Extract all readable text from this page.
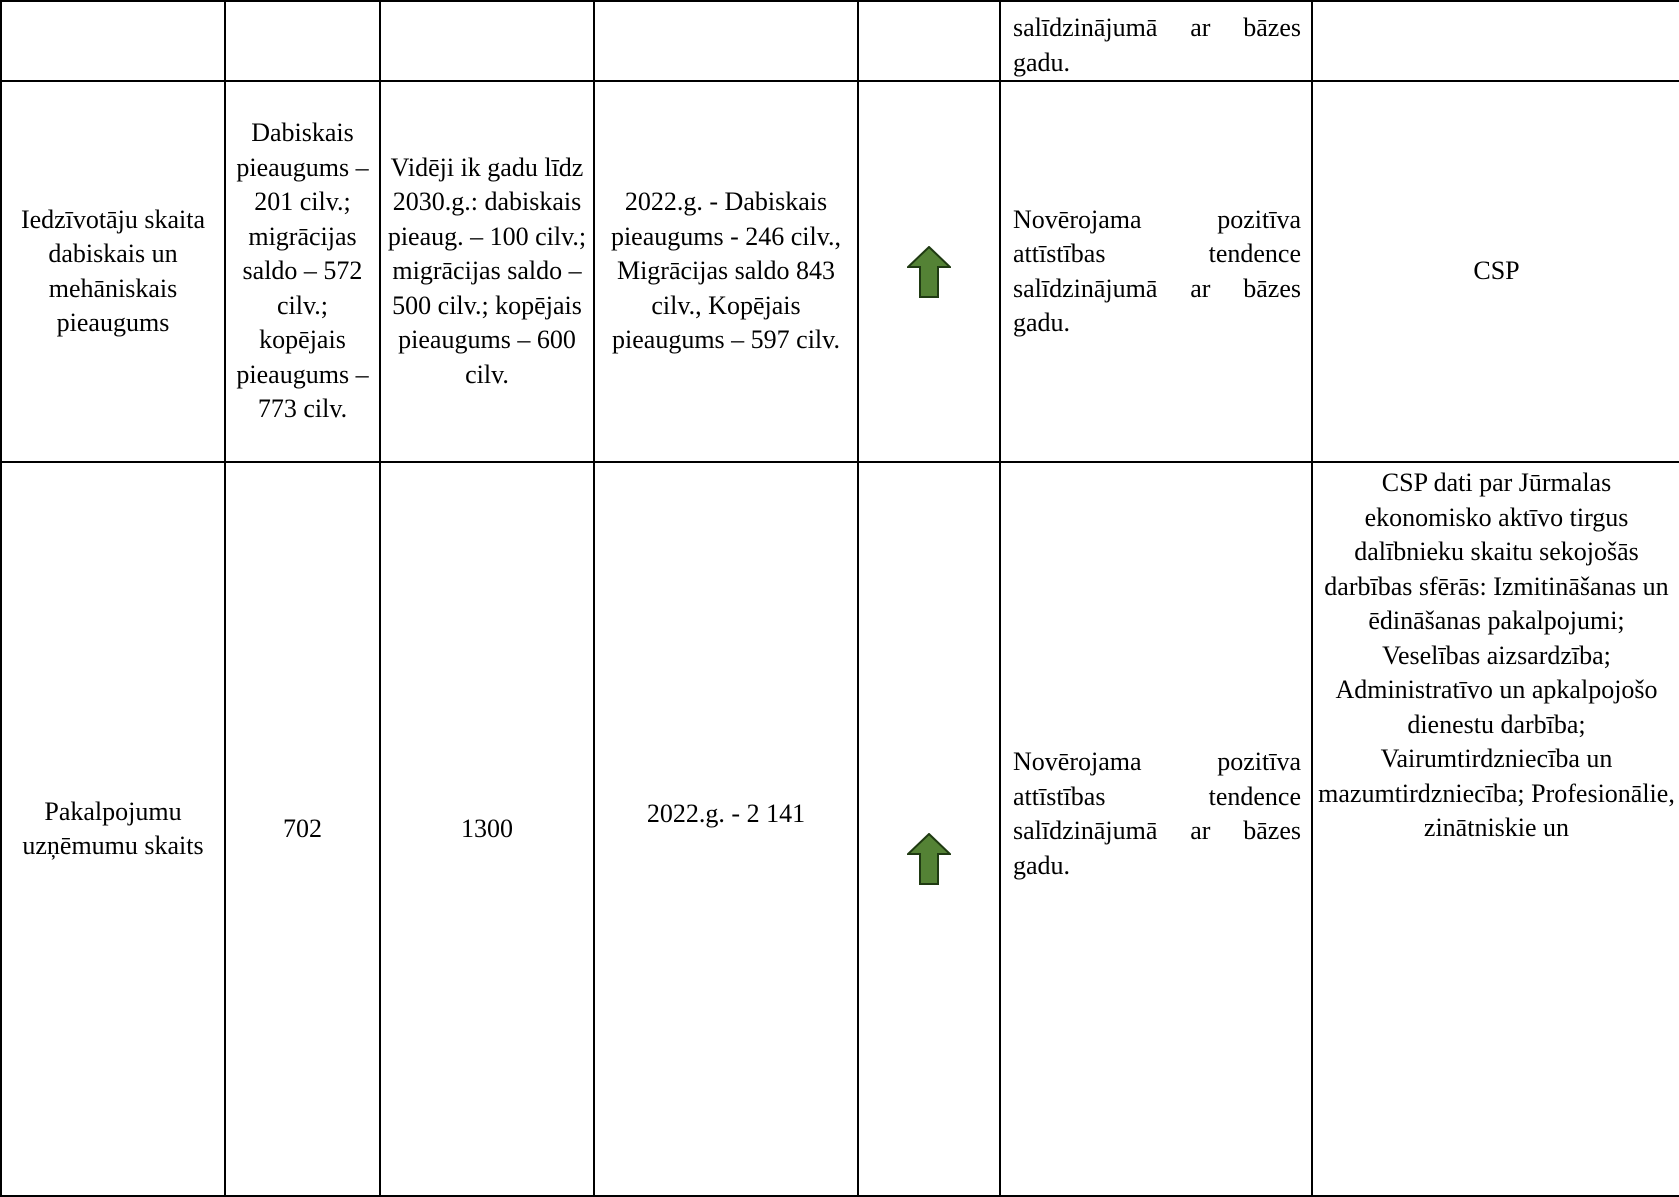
					salīdzinājumā ar bāzes gadu.	

Iedzīvotāju skaita dabiskais un mehāniskais pieaugums	Dabiskais pieaugums – 201 cilv.; migrācijas saldo – 572 cilv.; kopējais pieaugums – 773 cilv.	Vidēji ik gadu līdz 2030.g.: dabiskais pieaug. – 100 cilv.; migrācijas saldo – 500 cilv.; kopējais pieaugums – 600 cilv.	2022.g. - Dabiskais pieaugums - 246 cilv., Migrācijas saldo 843 cilv., Kopējais pieaugums – 597 cilv.		Novērojama pozitīva attīstības tendence salīdzinājumā ar bāzes gadu.	CSP

Pakalpojumu uzņēmumu skaits	702	1300	2022.g. - 2 141		Novērojama pozitīva attīstības tendence salīdzinājumā ar bāzes gadu.	CSP dati par Jūrmalas ekonomisko aktīvo tirgus dalībnieku skaitu sekojošās darbības sfērās: Izmitināšanas un ēdināšanas pakalpojumi; Veselības aizsardzība; Administratīvo un apkalpojošo dienestu darbība; Vairumtirdzniecība un mazumtirdzniecība; Profesionālie, zinātniskie un
